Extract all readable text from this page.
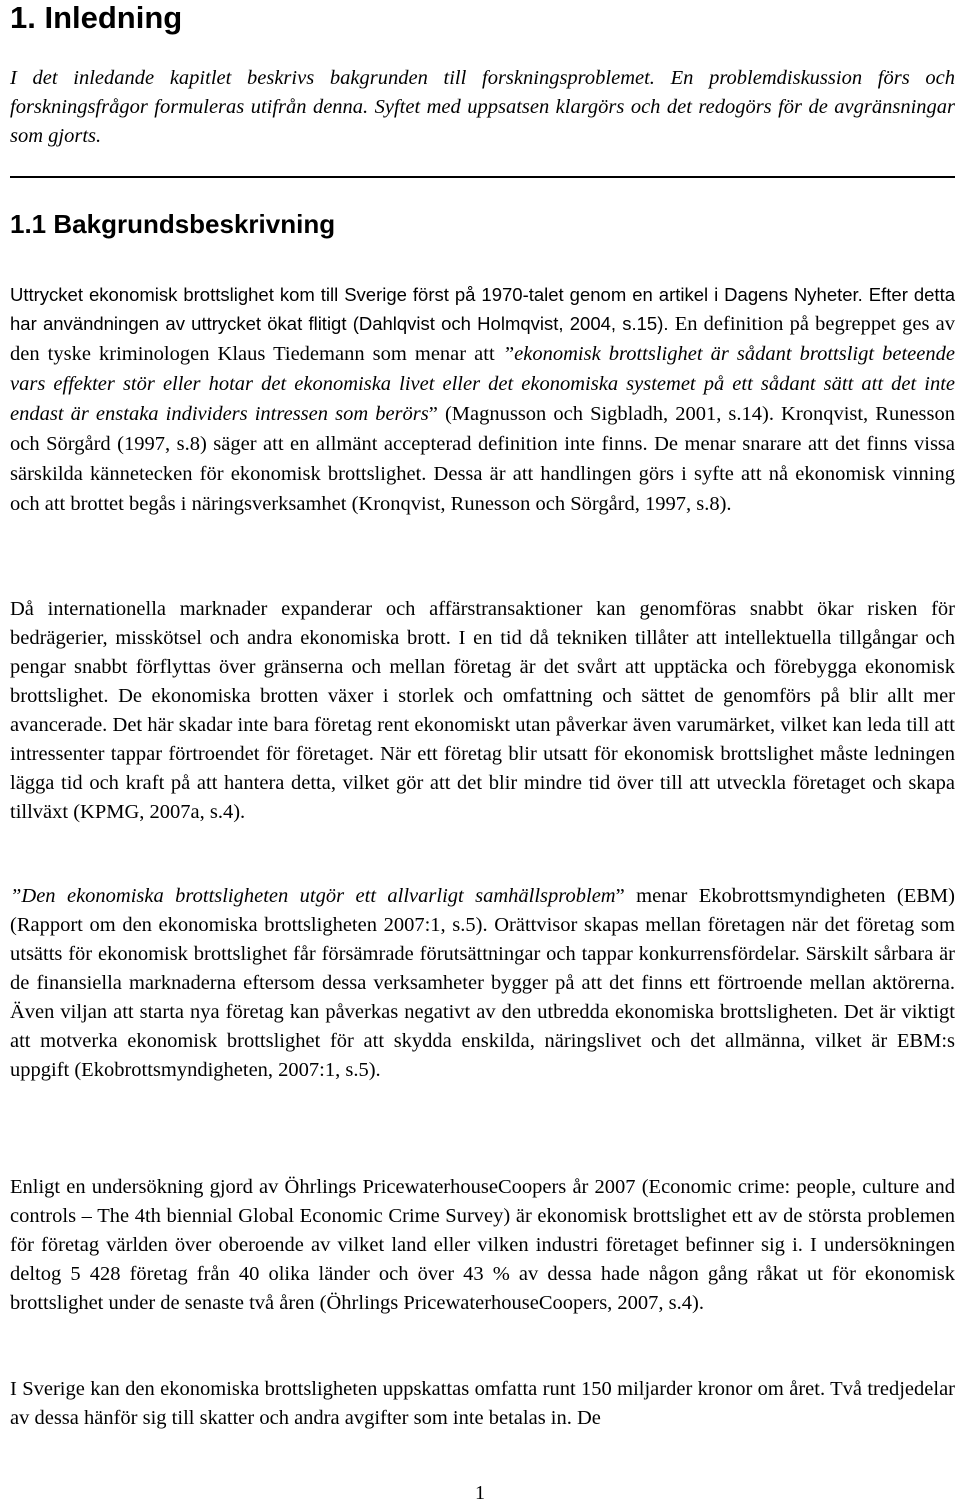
1. Inledning

I det inledande kapitlet beskrivs bakgrunden till forskningsproblemet. En problemdiskussion förs och forskningsfrågor formuleras utifrån denna. Syftet med uppsatsen klargörs och det redogörs för de avgränsningar som gjorts.

1.1 Bakgrundsbeskrivning

Uttrycket ekonomisk brottslighet kom till Sverige först på 1970-talet genom en artikel i Dagens Nyheter. Efter detta har användningen av uttrycket ökat flitigt (Dahlqvist och Holmqvist, 2004, s.15). En definition på begreppet ges av den tyske kriminologen Klaus Tiedemann som menar att ”ekonomisk brottslighet är sådant brottsligt beteende vars effekter stör eller hotar det ekonomiska livet eller det ekonomiska systemet på ett sådant sätt att det inte endast är enstaka individers intressen som berörs” (Magnusson och Sigbladh, 2001, s.14). Kronqvist, Runesson och Sörgård (1997, s.8) säger att en allmänt accepterad definition inte finns. De menar snarare att det finns vissa särskilda kännetecken för ekonomisk brottslighet. Dessa är att handlingen görs i syfte att nå ekonomisk vinning och att brottet begås i näringsverksamhet (Kronqvist, Runesson och Sörgård, 1997, s.8).

Då internationella marknader expanderar och affärstransaktioner kan genomföras snabbt ökar risken för bedrägerier, misskötsel och andra ekonomiska brott. I en tid då tekniken tillåter att intellektuella tillgångar och pengar snabbt förflyttas över gränserna och mellan företag är det svårt att upptäcka och förebygga ekonomisk brottslighet. De ekonomiska brotten växer i storlek och omfattning och sättet de genomförs på blir allt mer avancerade. Det här skadar inte bara företag rent ekonomiskt utan påverkar även varumärket, vilket kan leda till att intressenter tappar förtroendet för företaget. När ett företag blir utsatt för ekonomisk brottslighet måste ledningen lägga tid och kraft på att hantera detta, vilket gör att det blir mindre tid över till att utveckla företaget och skapa tillväxt (KPMG, 2007a, s.4).

”Den ekonomiska brottsligheten utgör ett allvarligt samhällsproblem” menar Ekobrottsmyndigheten (EBM) (Rapport om den ekonomiska brottsligheten 2007:1, s.5). Orättvisor skapas mellan företagen när det företag som utsätts för ekonomisk brottslighet får försämrade förutsättningar och tappar konkurrensfördelar. Särskilt sårbara är de finansiella marknaderna eftersom dessa verksamheter bygger på att det finns ett förtroende mellan aktörerna. Även viljan att starta nya företag kan påverkas negativt av den utbredda ekonomiska brottsligheten. Det är viktigt att motverka ekonomisk brottslighet för att skydda enskilda, näringslivet och det allmänna, vilket är EBM:s uppgift (Ekobrottsmyndigheten, 2007:1, s.5).

Enligt en undersökning gjord av Öhrlings PricewaterhouseCoopers år 2007 (Economic crime: people, culture and controls – The 4th biennial Global Economic Crime Survey) är ekonomisk brottslighet ett av de största problemen för företag världen över oberoende av vilket land eller vilken industri företaget befinner sig i. I undersökningen deltog 5 428 företag från 40 olika länder och över 43 % av dessa hade någon gång råkat ut för ekonomisk brottslighet under de senaste två åren (Öhrlings PricewaterhouseCoopers, 2007, s.4).

I Sverige kan den ekonomiska brottsligheten uppskattas omfatta runt 150 miljarder kronor om året. Två tredjedelar av dessa hänför sig till skatter och andra avgifter som inte betalas in. De

1
